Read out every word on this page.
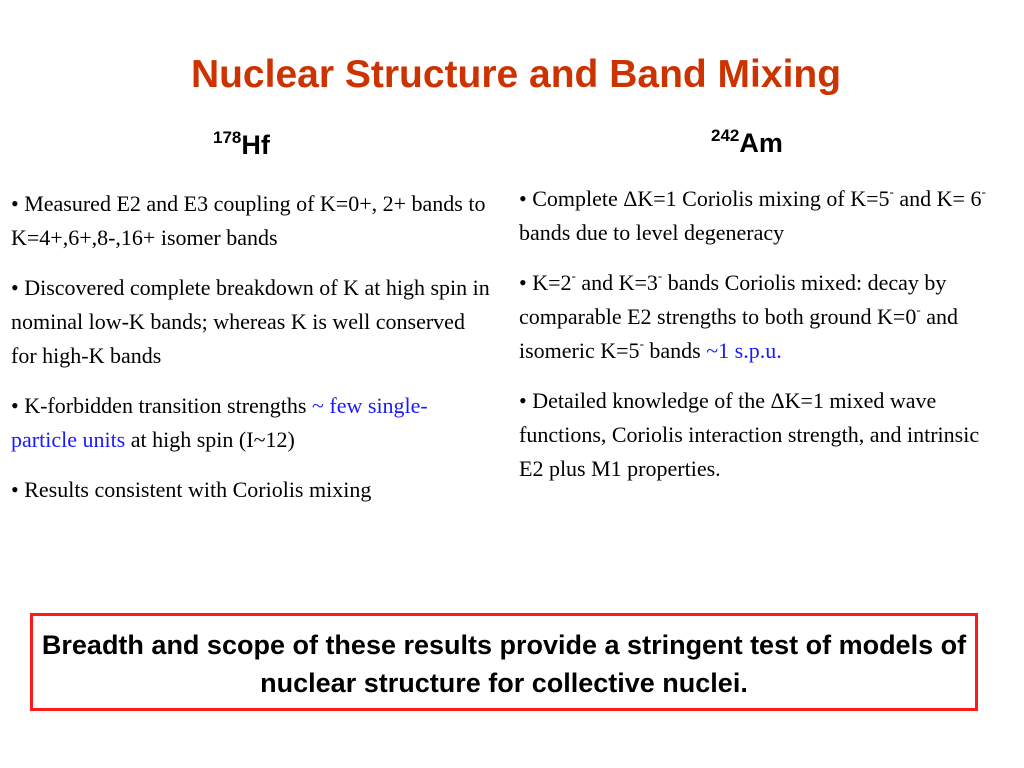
Nuclear Structure and Band Mixing
$^{178}$Hf	$^{242}$Am

• Measured E2 and E3 coupling of K=0+, 2+ bands to K=4+,6+,8-,16+ isomer bands

• Discovered complete breakdown of K at high spin in nominal low-K bands; whereas K is well conserved for high-K bands

• K-forbidden transition strengths ~ few single-particle units at high spin (I~12)

• Results consistent with Coriolis mixing

• Complete ΔK=1 Coriolis mixing of K=5- and K= 6- bands due to level degeneracy

• K=2- and K=3- bands Coriolis mixed: decay by comparable E2 strengths to both ground K=0- and isomeric K=5- bands ~1 s.p.u.

• Detailed knowledge of the ΔK=1 mixed wave functions, Coriolis interaction strength, and intrinsic E2 plus M1 properties.

Breadth and scope of these results provide a stringent test of models of nuclear structure for collective nuclei.
